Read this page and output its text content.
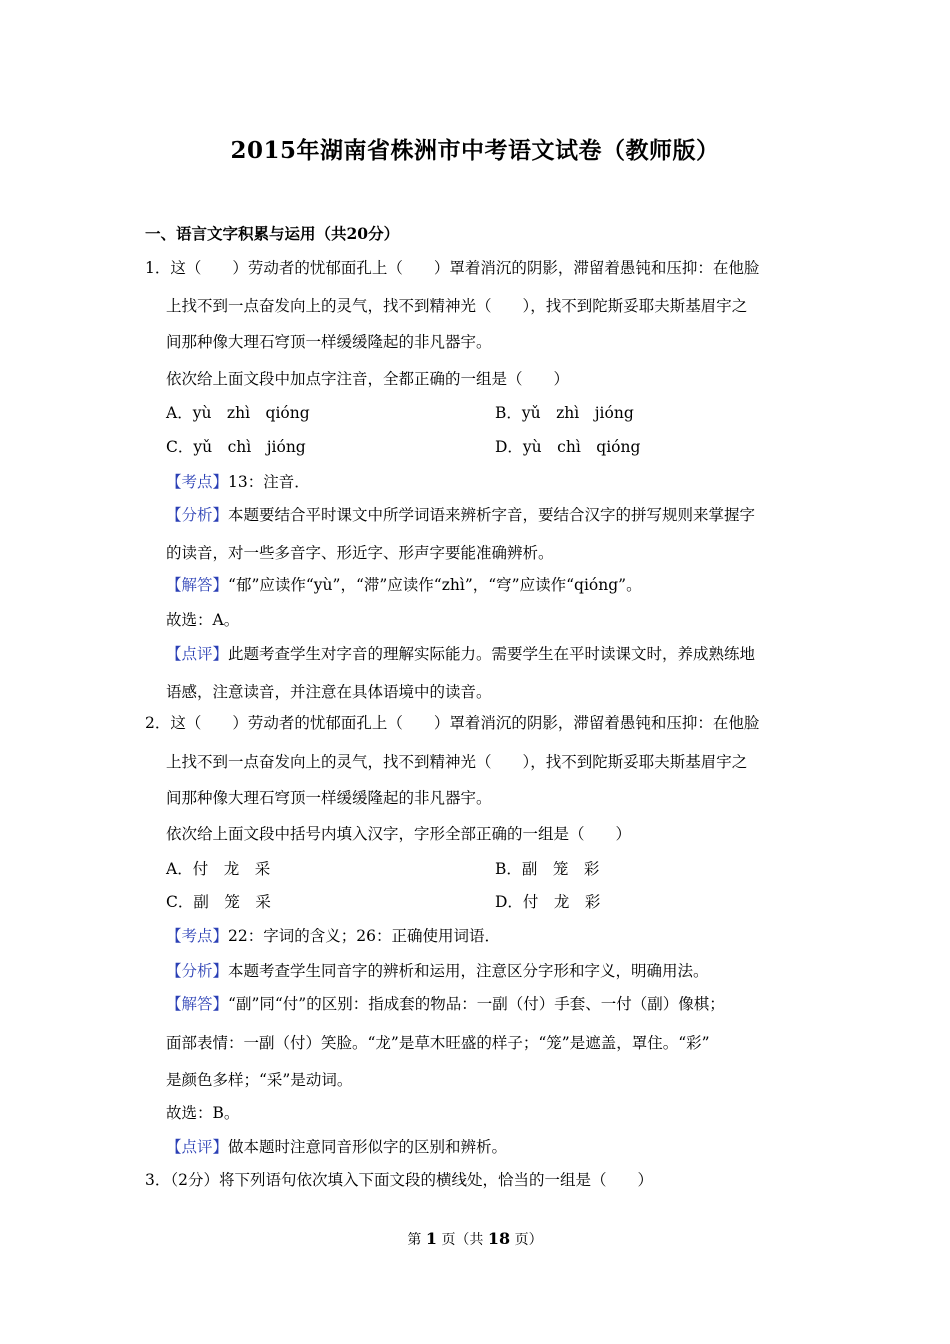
2015年湖南省株洲市中考语文试卷（教师版）
一、语言文字积累与运用（共20分）
1．这（　　）劳动者的忧郁面孔上（　　）罩着消沉的阴影，滞留着愚钝和压抑：在他脸
上找不到一点奋发向上的灵气，找不到精神光（　　），找不到陀斯妥耶夫斯基眉宇之
间那种像大理石穹顶一样缓缓隆起的非凡器宇。
依次给上面文段中加点字注音，全都正确的一组是（　　）
A．yù　zhì　qióng	B．yǔ　zhì　jióng
C．yǔ　chì　jióng	D．yù　chì　qióng
【考点】13：注音．
【分析】本题要结合平时课文中所学词语来辨析字音，要结合汉字的拼写规则来掌握字
的读音，对一些多音字、形近字、形声字要能准确辨析。
【解答】“郁”应读作“yù”，“滞”应读作“zhì”，“穹”应读作“qióng”。
故选：A。
【点评】此题考查学生对字音的理解实际能力。需要学生在平时读课文时，养成熟练地
语感，注意读音，并注意在具体语境中的读音。
2．这（　　）劳动者的忧郁面孔上（　　）罩着消沉的阴影，滞留着愚钝和压抑：在他脸
上找不到一点奋发向上的灵气，找不到精神光（　　），找不到陀斯妥耶夫斯基眉宇之
间那种像大理石穹顶一样缓缓隆起的非凡器宇。
依次给上面文段中括号内填入汉字，字形全部正确的一组是（　　）
A．付　龙　采	B．副　笼　彩
C．副　笼　采	D．付　龙　彩
【考点】22：字词的含义；26：正确使用词语．
【分析】本题考查学生同音字的辨析和运用，注意区分字形和字义，明确用法。
【解答】“副”同“付”的区别：指成套的物品：一副（付）手套、一付（副）像棋；
面部表情：一副（付）笑脸。“龙”是草木旺盛的样子；“笼”是遮盖，罩住。“彩”
是颜色多样；“采”是动词。
故选：B。
【点评】做本题时注意同音形似字的区别和辨析。
3．（2分）将下列语句依次填入下面文段的横线处，恰当的一组是（　　）
第 1 页（共 18 页）
